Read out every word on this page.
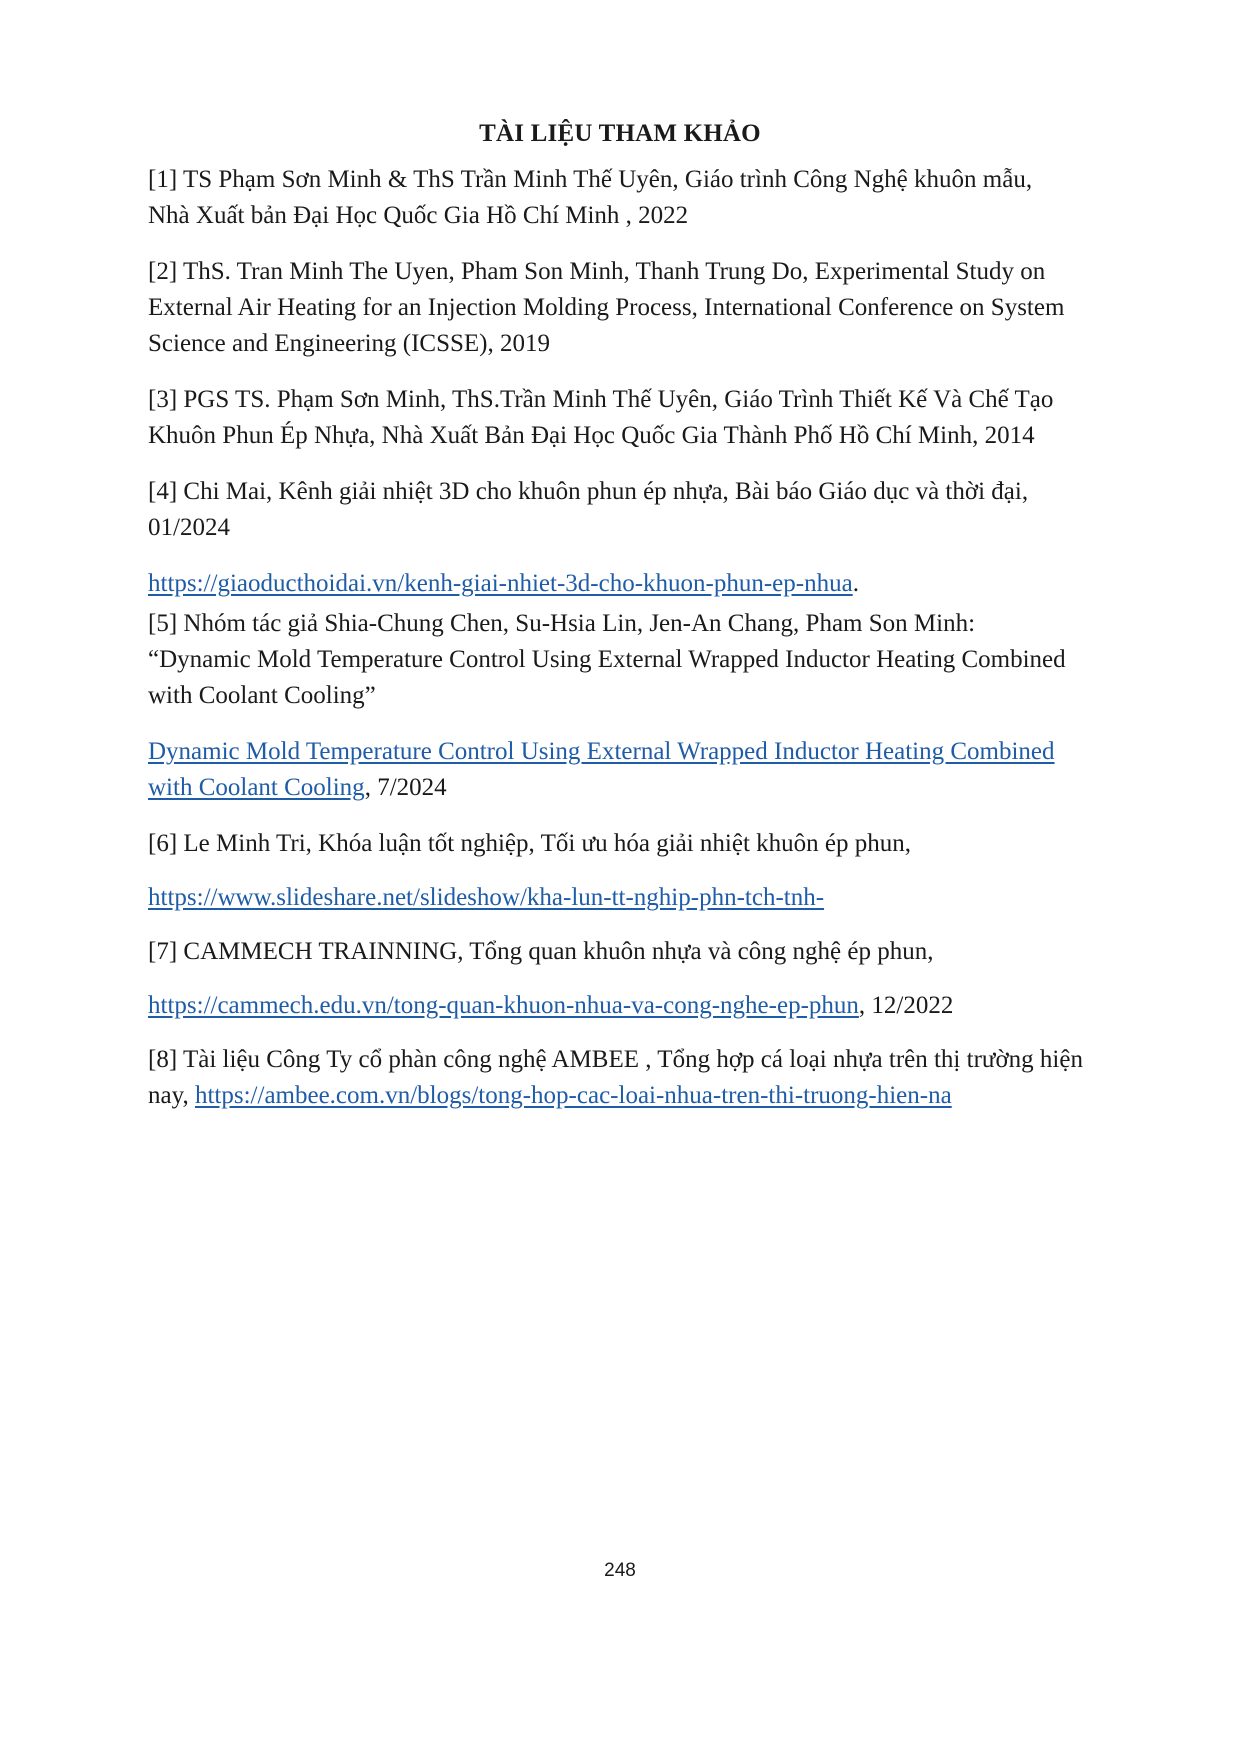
TÀI LIỆU THAM KHẢO
[1] TS Phạm Sơn Minh & ThS Trần Minh Thế Uyên, Giáo trình Công Nghệ khuôn mẫu,
Nhà Xuất bản Đại Học Quốc Gia Hồ Chí Minh , 2022
[2] ThS. Tran Minh The Uyen, Pham Son Minh, Thanh Trung Do, Experimental Study on
External Air Heating for an Injection Molding Process, International Conference on System
Science and Engineering (ICSSE), 2019
[3] PGS TS. Phạm Sơn Minh, ThS.Trần Minh Thế Uyên, Giáo Trình Thiết Kế Và Chế Tạo
Khuôn Phun Ép Nhựa, Nhà Xuất Bản Đại Học Quốc Gia Thành Phố Hồ Chí Minh, 2014
[4] Chi Mai, Kênh giải nhiệt 3D cho khuôn phun ép nhựa, Bài báo Giáo dục và thời đại,
01/2024
https://giaoducthoidai.vn/kenh-giai-nhiet-3d-cho-khuon-phun-ep-nhua.
[5] Nhóm tác giả Shia-Chung Chen, Su-Hsia Lin, Jen-An Chang, Pham Son Minh:
“Dynamic Mold Temperature Control Using External Wrapped Inductor Heating Combined
with Coolant Cooling”
Dynamic Mold Temperature Control Using External Wrapped Inductor Heating Combined
with Coolant Cooling, 7/2024
[6] Le Minh Tri, Khóa luận tốt nghiệp, Tối ưu hóa giải nhiệt khuôn ép phun,
https://www.slideshare.net/slideshow/kha-lun-tt-nghip-phn-tch-tnh-
[7] CAMMECH TRAINNING, Tổng quan khuôn nhựa và công nghệ ép phun,
https://cammech.edu.vn/tong-quan-khuon-nhua-va-cong-nghe-ep-phun, 12/2022
[8] Tài liệu Công Ty cổ phàn công nghệ AMBEE , Tổng hợp cá loại nhựa trên thị trường hiện
nay, https://ambee.com.vn/blogs/tong-hop-cac-loai-nhua-tren-thi-truong-hien-na
248
